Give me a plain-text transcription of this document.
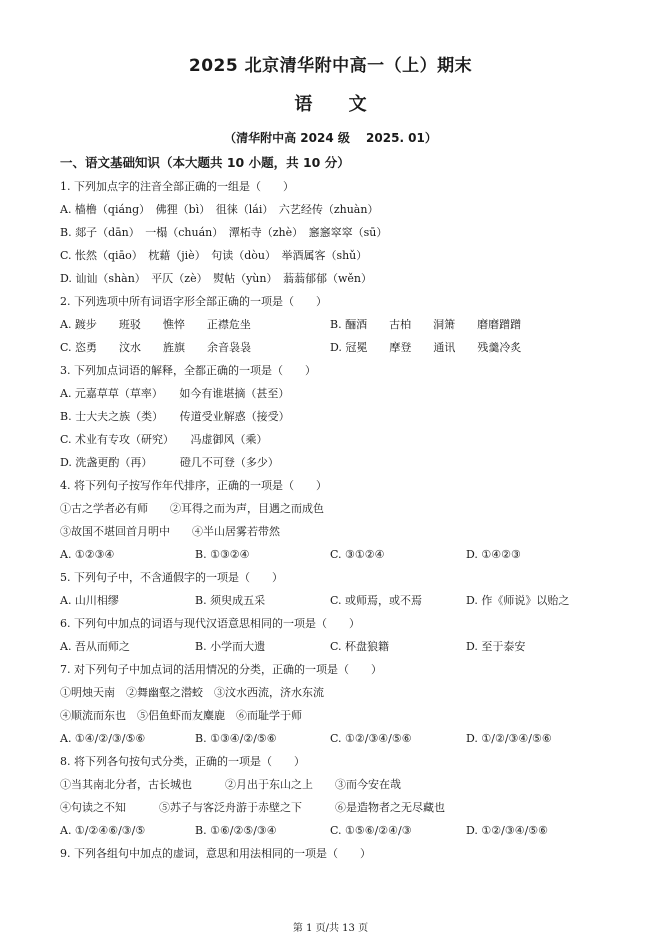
2025 北京清华附中高一（上）期末
语 文
（清华附中高 2024 级　 2025. 01）
一、语文基础知识（本大题共 10 小题，共 10 分）
1. 下列加点字的注音全部正确的一组是（　　）
A. 樯橹（qiáng）　佛狸（bì）　徂徕（lái）　六艺经传（zhuàn）
B. 郯子（dān）　一榻（chuán）　潭柘寺（zhè）　窸窸窣窣（sū）
C. 怅然（qiāo）　枕藉（jiè）　句读（dòu）　举酒属客（shǔ）
D. 讪讪（shàn）　平仄（zè）　熨帖（yùn）　蓊蓊郁郁（wěn）
2. 下列选项中所有词语字形全部正确的一项是（　　）
A. 踱步　　班驳　　憔悴　　正襟危坐	B. 酾酒　　古柏　　洞箫　　磨磨蹭蹭
C. 恣勇　　汶水　　旌旗　　余音袅袅	D. 冠冕　　摩登　　通讯　　残羹冷炙
3. 下列加点词语的解释，全都正确的一项是（　　）
A. 元嘉草草（草率）　　如今有谁堪摘（甚至）
B. 士大夫之族（类）　　传道受业解惑（接受）
C. 术业有专攻（研究）　　冯虚御风（乘）
D. 洗盏更酌（再）　　　磴几不可登（多少）
4. 将下列句子按写作年代排序，正确的一项是（　　）
①古之学者必有师　　②耳得之而为声，目遇之而成色
③故国不堪回首月明中　　④半山居雾若带然
A. ①②③④	B. ①③②④	C. ③①②④	D. ①④②③
5. 下列句子中，不含通假字的一项是（　　）
A. 山川相缪	B. 须臾成五采	C. 或师焉，或不焉	D. 作《师说》以贻之
6. 下列句中加点的词语与现代汉语意思相同的一项是（　　）
A. 吾从而师之	B. 小学而大遗	C. 杯盘狼籍	D. 至于泰安
7. 对下列句子中加点词的活用情况的分类，正确的一项是（　　）
①明烛天南　②舞幽壑之潜蛟　③汶水西流，济水东流
④顺流而东也　⑤侣鱼虾而友麋鹿　⑥而耻学于师
A. ①④/②/③/⑤⑥	B. ①③④/②/⑤⑥	C. ①②/③④/⑤⑥	D. ①/②/③④/⑤⑥
8. 将下列各句按句式分类，正确的一项是（　　）
①当其南北分者，古长城也　　　②月出于东山之上　　③而今安在哉
④句读之不知　　　⑤苏子与客泛舟游于赤壁之下　　　⑥是造物者之无尽藏也
A. ①/②④⑥/③/⑤	B. ①⑥/②⑤/③④	C. ①⑤⑥/②④/③	D. ①②/③④/⑤⑥
9. 下列各组句中加点的虚词，意思和用法相同的一项是（　　）
第 1 页/共 13 页
